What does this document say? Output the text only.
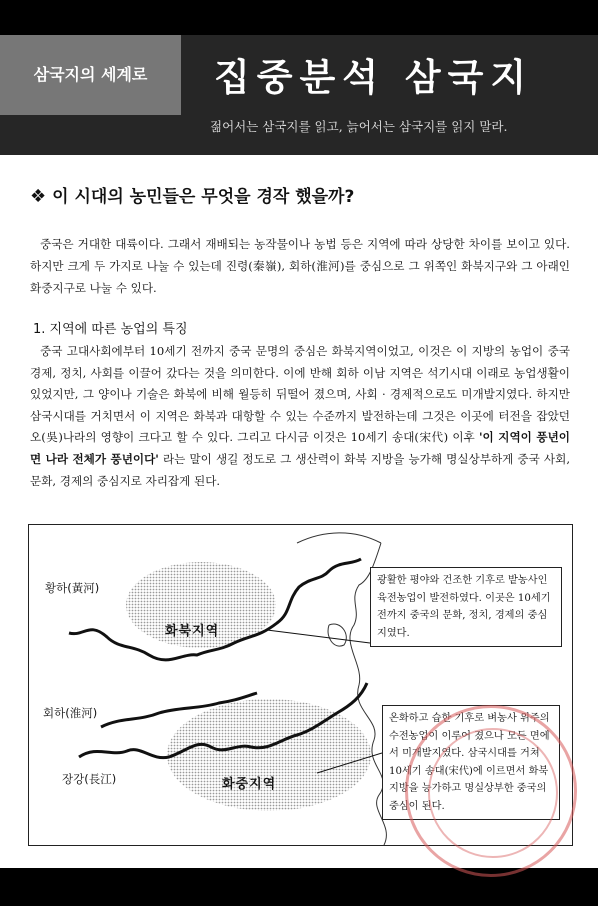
삼국지의 세계로	집중분석 삼국지
젊어서는 삼국지를 읽고, 늙어서는 삼국지를 읽지 말라.
❖ 이 시대의 농민들은 무엇을 경작 했을까?
중국은 거대한 대륙이다. 그래서 재배되는 농작물이나 농법 등은 지역에 따라 상당한 차이를 보이고 있다. 하지만 크게 두 가지로 나눌 수 있는데 진령(秦嶺), 회하(淮河)를 중심으로 그 위쪽인 화북지구와 그 아래인 화중지구로 나눌 수 있다.
1. 지역에 따른 농업의 특징
중국 고대사회에부터 10세기 전까지 중국 문명의 중심은 화북지역이었고, 이것은 이 지방의 농업이 중국 경제, 정치, 사회를 이끌어 갔다는 것을 의미한다. 이에 반해 회하 이남 지역은 석기시대 이래로 농업생활이 있었지만, 그 양이나 기술은 화북에 비해 월등히 뒤떨어 졌으며, 사회 · 경제적으로도 미개발지였다. 하지만 삼국시대를 거치면서 이 지역은 화북과 대항할 수 있는 수준까지 발전하는데 그것은 이곳에 터전을 잡았던 오(吳)나라의 영향이 크다고 할 수 있다. 그리고 다시금 이것은 10세기 송대(宋代) 이후 '이 지역이 풍년이면 나라 전체가 풍년이다' 라는 말이 생길 정도로 그 생산력이 화북 지방을 능가해 명실상부하게 중국 사회, 문화, 경제의 중심지로 자리잡게 된다.
황하(黃河)
회하(淮河)
장강(長江)
화북지역
화중지역
광활한 평야와 건조한 기후로 밭농사인 육전농업이 발전하였다. 이곳은 10세기 전까지 중국의 문화, 정치, 경제의 중심지였다.
온화하고 습한 기후로 벼농사 위주의 수전농업이 이루어 졌으나 모든 면에서 미개발지였다. 삼국시대를 거쳐 10세기 송대(宋代)에 이르면서 화북지방을 능가하고 명실상부한 중국의 중심이 된다.
